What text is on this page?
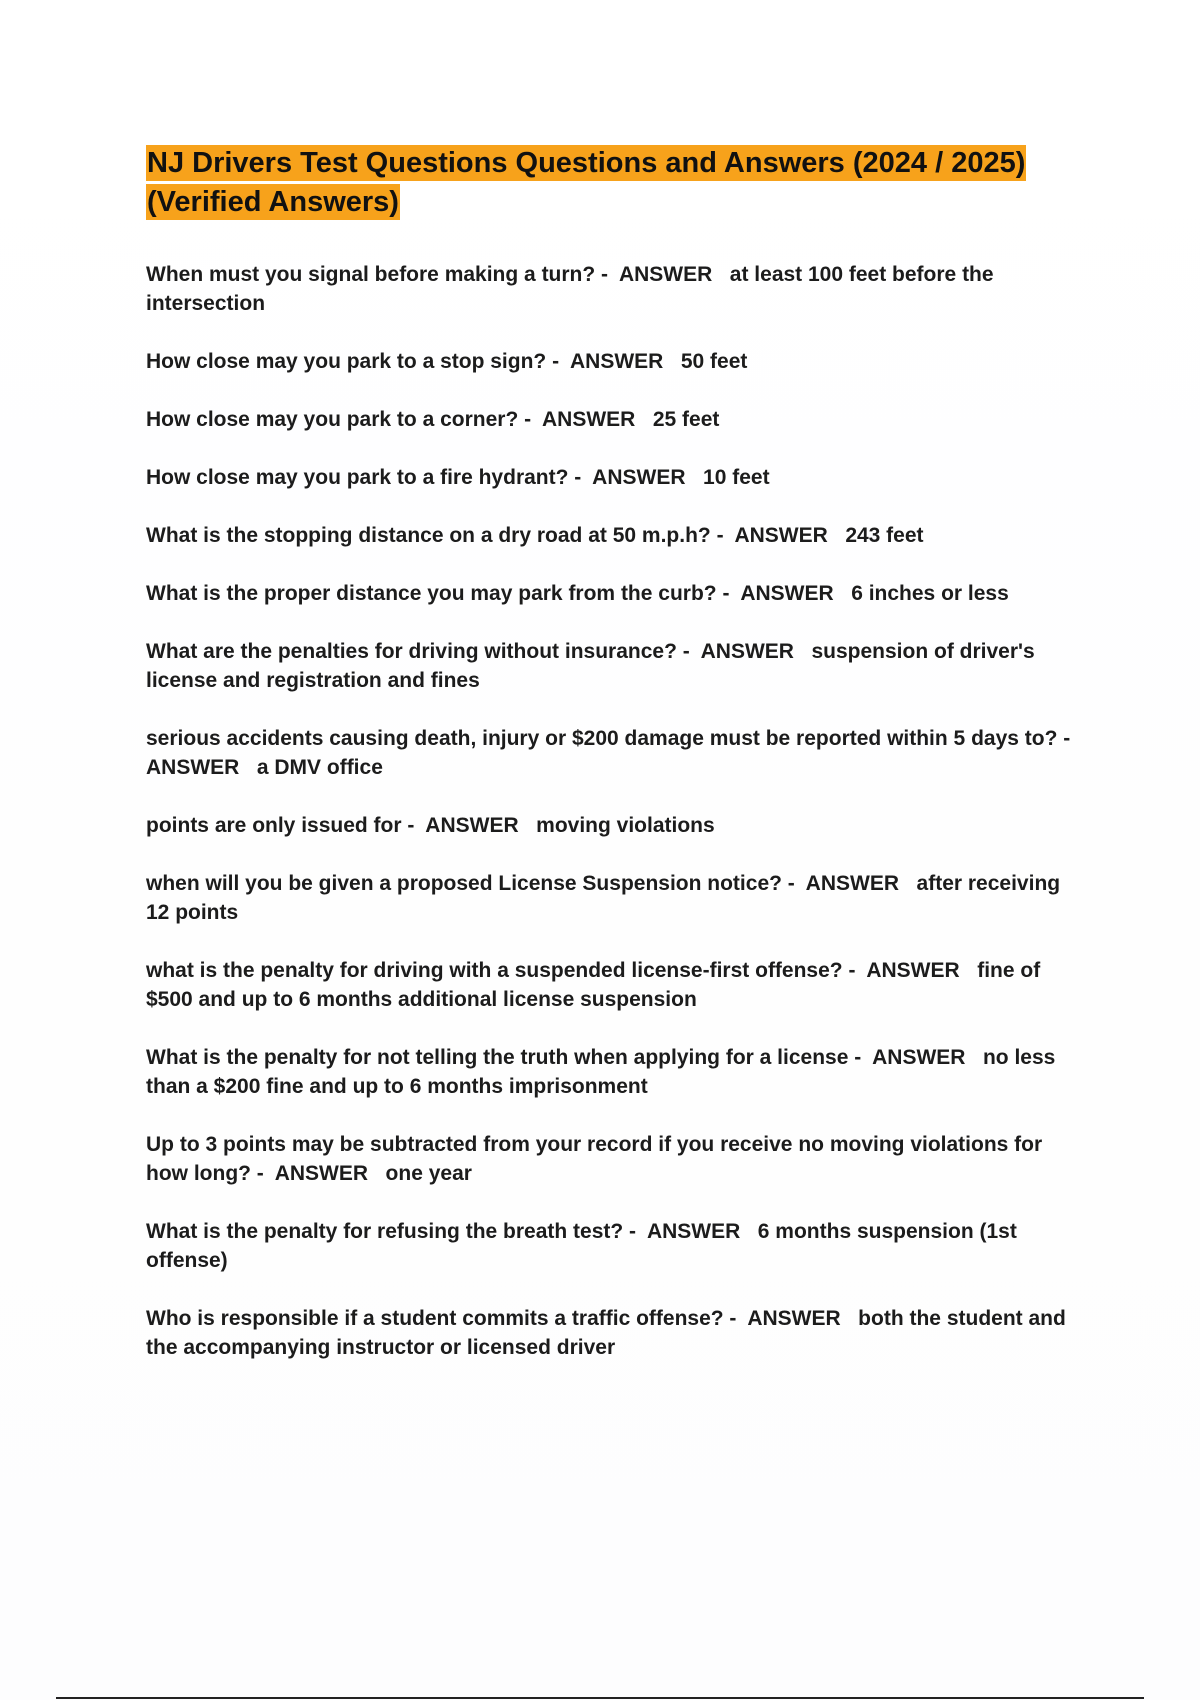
NJ Drivers Test Questions Questions and Answers (2024 / 2025) (Verified Answers)
When must you signal before making a turn? - ANSWER at least 100 feet before the intersection
How close may you park to a stop sign? - ANSWER 50 feet
How close may you park to a corner? - ANSWER 25 feet
How close may you park to a fire hydrant? - ANSWER 10 feet
What is the stopping distance on a dry road at 50 m.p.h? - ANSWER 243 feet
What is the proper distance you may park from the curb? - ANSWER 6 inches or less
What are the penalties for driving without insurance? - ANSWER suspension of driver's license and registration and fines
serious accidents causing death, injury or $200 damage must be reported within 5 days to? -  ANSWER a DMV office
points are only issued for - ANSWER moving violations
when will you be given a proposed License Suspension notice? - ANSWER after receiving 12 points
what is the penalty for driving with a suspended license-first offense? - ANSWER fine of $500 and up to 6 months additional license suspension
What is the penalty for not telling the truth when applying for a license - ANSWER no less than a $200 fine and up to 6 months imprisonment
Up to 3 points may be subtracted from your record if you receive no moving violations for how long? - ANSWER one year
What is the penalty for refusing the breath test? - ANSWER 6 months suspension (1st offense)
Who is responsible if a student commits a traffic offense? - ANSWER both the student and the accompanying instructor or licensed driver
